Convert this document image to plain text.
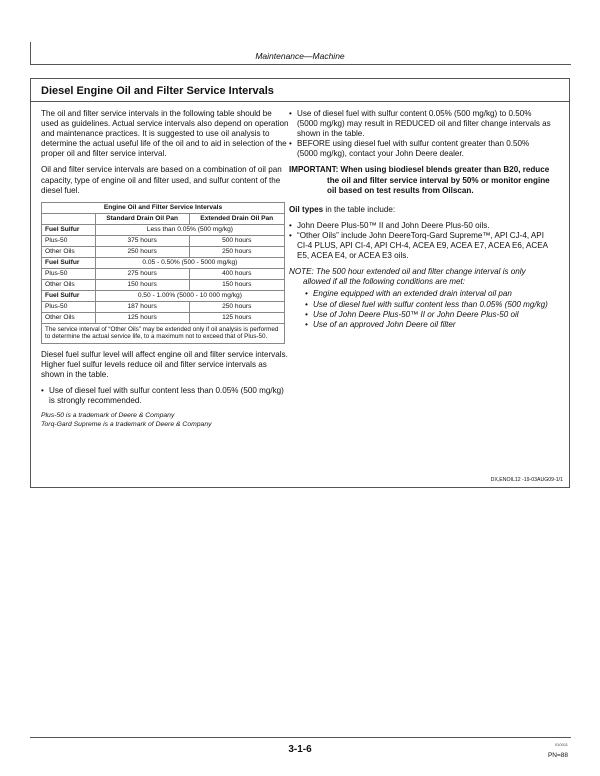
Maintenance—Machine
Diesel Engine Oil and Filter Service Intervals

The oil and filter service intervals in the following table should be used as guidelines. Actual service intervals also depend on operation and maintenance practices. It is suggested to use oil analysis to determine the actual useful life of the oil and to aid in selection of the proper oil and filter service interval.

Oil and filter service intervals are based on a combination of oil pan capacity, type of engine oil and filter used, and sulfur content of the diesel fuel.

Engine Oil and Filter Service Intervals		
	Standard Drain Oil Pan	Extended Drain Oil Pan
Fuel Sulfur	Less than 0.05% (500 mg/kg)	
Plus-50	375 hours	500 hours
Other Oils	250 hours	250 hours
Fuel Sulfur	0.05 - 0.50% (500 - 5000 mg/kg)	
Plus-50	275 hours	400 hours
Other Oils	150 hours	150 hours
Fuel Sulfur	0.50 - 1.00% (5000 - 10 000 mg/kg)	
Plus-50	187 hours	250 hours
Other Oils	125 hours	125 hours
The service interval of “Other Oils” may be extended only if oil analysis is performed to determine the actual service life, to a maximum not to exceed that of Plus-50.		

Diesel fuel sulfur level will affect engine oil and filter service intervals. Higher fuel sulfur levels reduce oil and filter service intervals as shown in the table.

• Use of diesel fuel with sulfur content less than 0.05% (500 mg/kg) is strongly recommended.
Plus-50 is a trademark of Deere & Company
Torq-Gard Supreme is a trademark of Deere & Company
• Use of diesel fuel with sulfur content 0.05% (500 mg/kg) to 0.50% (5000 mg/kg) may result in REDUCED oil and filter change intervals as shown in the table.
• BEFORE using diesel fuel with sulfur content greater than 0.50% (5000 mg/kg), contact your John Deere dealer.

IMPORTANT: When using biodiesel blends greater than B20, reduce the oil and filter service interval by 50% or monitor engine oil based on test results from Oilscan.

Oil types in the table include:

• John Deere Plus-50™ II and John Deere Plus-50 oils.
• “Other Oils” include John DeereTorq-Gard Supreme™, API CJ-4, API CI-4 PLUS, API CI-4, API CH-4, ACEA E9, ACEA E7, ACEA E6, ACEA E5, ACEA E4, or ACEA E3 oils.

NOTE: The 500 hour extended oil and filter change interval is only allowed if all the following conditions are met:

• Engine equipped with an extended drain interval oil pan
• Use of diesel fuel with sulfur content less than 0.05% (500 mg/kg)
• Use of John Deere Plus-50™ II or John Deere Plus-50 oil
• Use of an approved John Deere oil filter
DX,ENOIL12 -19-03AUG09-1/1
3-1-6	010011
PN=88
